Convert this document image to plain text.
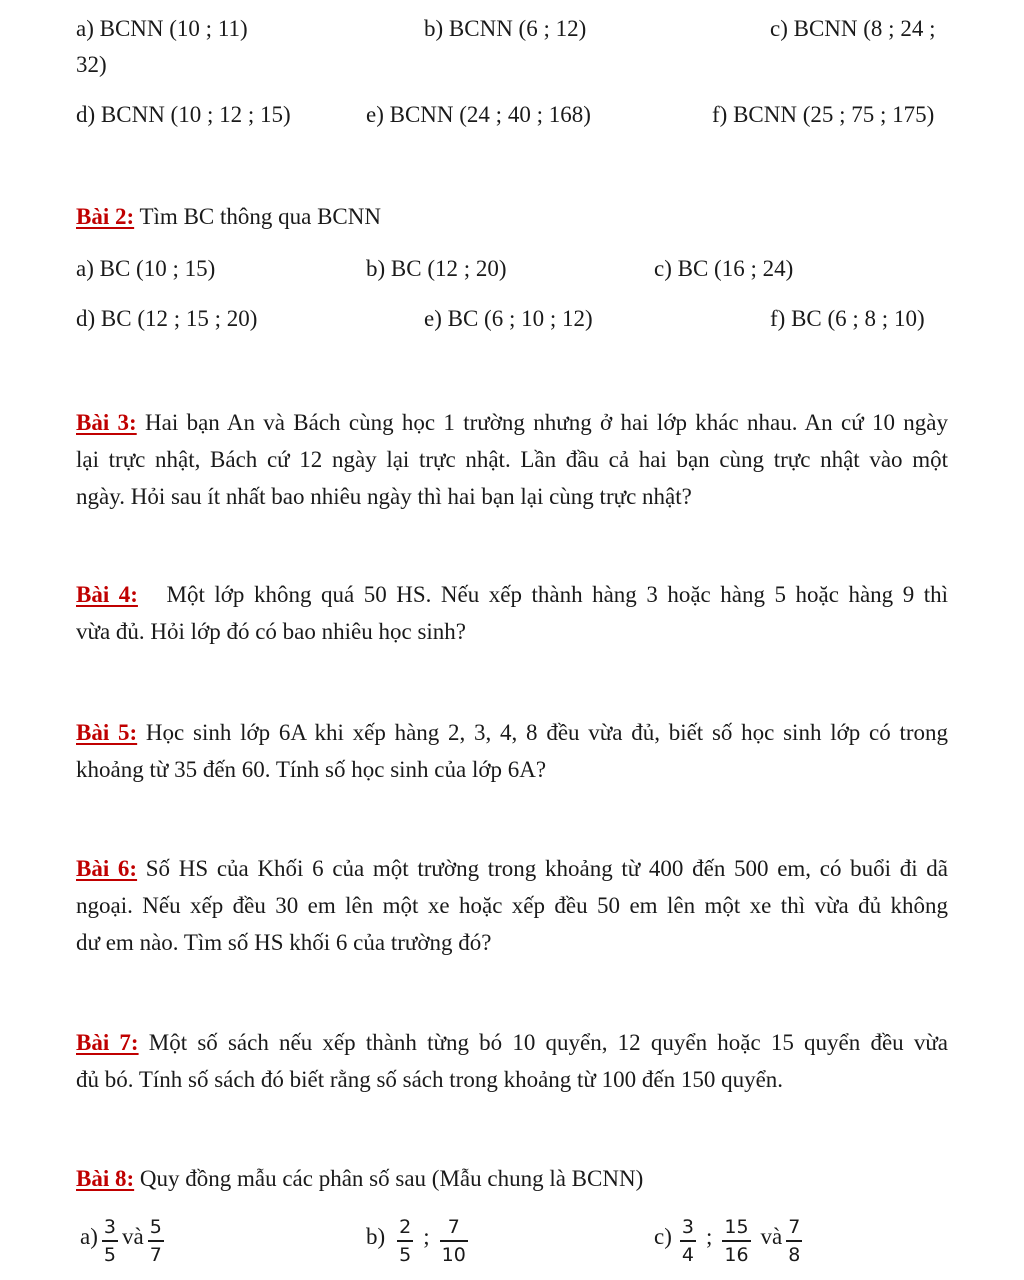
a) BCNN (10 ; 11)	b) BCNN (6 ; 12)	c) BCNN (8 ; 24 ;
32)
d) BCNN (10 ; 12 ; 15)	e) BCNN (24 ; 40 ; 168)	f) BCNN (25 ; 75 ; 175)
Bài 2: Tìm BC thông qua BCNN
a) BC (10 ; 15)	b) BC (12 ; 20)	c) BC (16 ; 24)
d) BC (12 ; 15 ; 20)	e) BC (6 ; 10 ; 12)	f) BC (6 ; 8 ; 10)
Bài 3: Hai bạn An và Bách cùng học 1 trường nhưng ở hai lớp khác nhau. An cứ 10 ngày
lại trực nhật, Bách cứ 12 ngày lại trực nhật. Lần đầu cả hai bạn cùng trực nhật vào một
ngày. Hỏi sau ít nhất bao nhiêu ngày thì hai bạn lại cùng trực nhật?
Bài 4: Một lớp không quá 50 HS. Nếu xếp thành hàng 3 hoặc hàng 5 hoặc hàng 9 thì
vừa đủ. Hỏi lớp đó có bao nhiêu học sinh?
Bài 5: Học sinh lớp 6A khi xếp hàng 2, 3, 4, 8 đều vừa đủ, biết số học sinh lớp có trong
khoảng từ 35 đến 60. Tính số học sinh của lớp 6A?
Bài 6: Số HS của Khối 6 của một trường trong khoảng từ 400 đến 500 em, có buổi đi dã
ngoại. Nếu xếp đều 30 em lên một xe hoặc xếp đều 50 em lên một xe thì vừa đủ không
dư em nào. Tìm số HS khối 6 của trường đó?
Bài 7: Một số sách nếu xếp thành từng bó 10 quyển, 12 quyển hoặc 15 quyển đều vừa
đủ bó. Tính số sách đó biết rằng số sách trong khoảng từ 100 đến 150 quyển.
Bài 8: Quy đồng mẫu các phân số sau (Mẫu chung là BCNN)
$a) \frac{3}{5}$ và $\frac{5}{7}$	$b) \frac{2}{5}$ ; $\frac{7}{10}$	$c) \frac{3}{4}$ ; $\frac{15}{16}$ và $\frac{7}{8}$
